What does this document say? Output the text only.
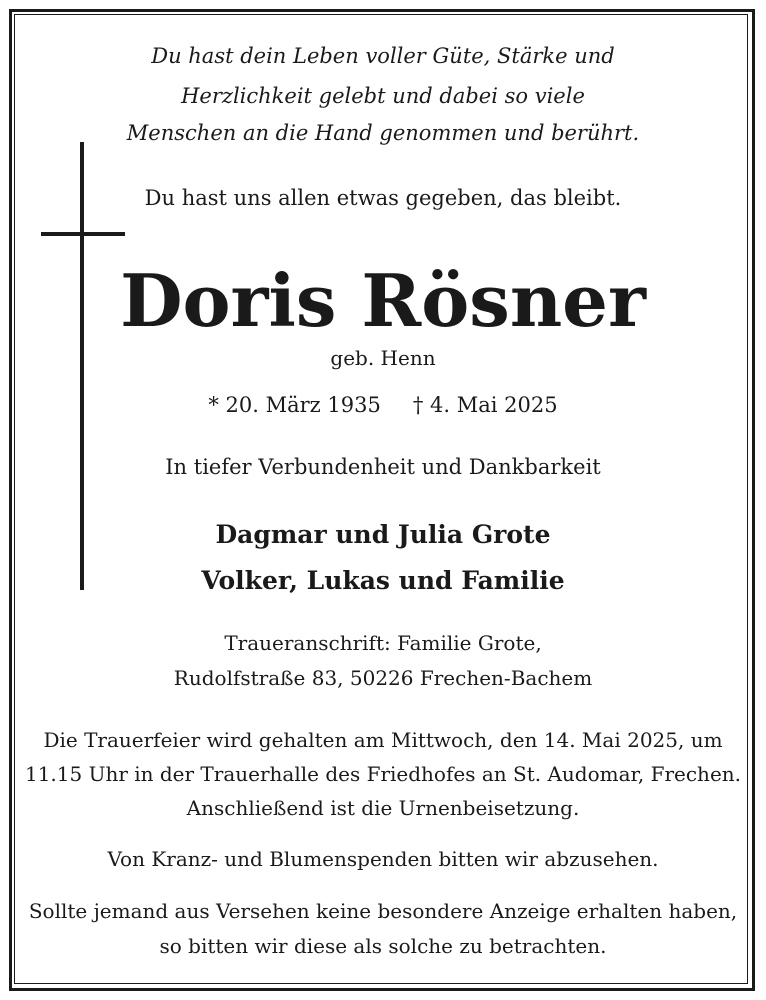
Du hast dein Leben voller Güte, Stärke und
Herzlichkeit gelebt und dabei so viele
Menschen an die Hand genommen und berührt.
Du hast uns allen etwas gegeben, das bleibt.
Doris Rösner
geb. Henn
* 20. März 1935 † 4. Mai 2025
In tiefer Verbundenheit und Dankbarkeit
Dagmar und Julia Grote
Volker, Lukas und Familie
Traueranschrift: Familie Grote,
Rudolfstraße 83, 50226 Frechen-Bachem
Die Trauerfeier wird gehalten am Mittwoch, den 14. Mai 2025, um
11.15 Uhr in der Trauerhalle des Friedhofes an St. Audomar, Frechen.
Anschließend ist die Urnenbeisetzung.
Von Kranz- und Blumenspenden bitten wir abzusehen.
Sollte jemand aus Versehen keine besondere Anzeige erhalten haben,
so bitten wir diese als solche zu betrachten.
